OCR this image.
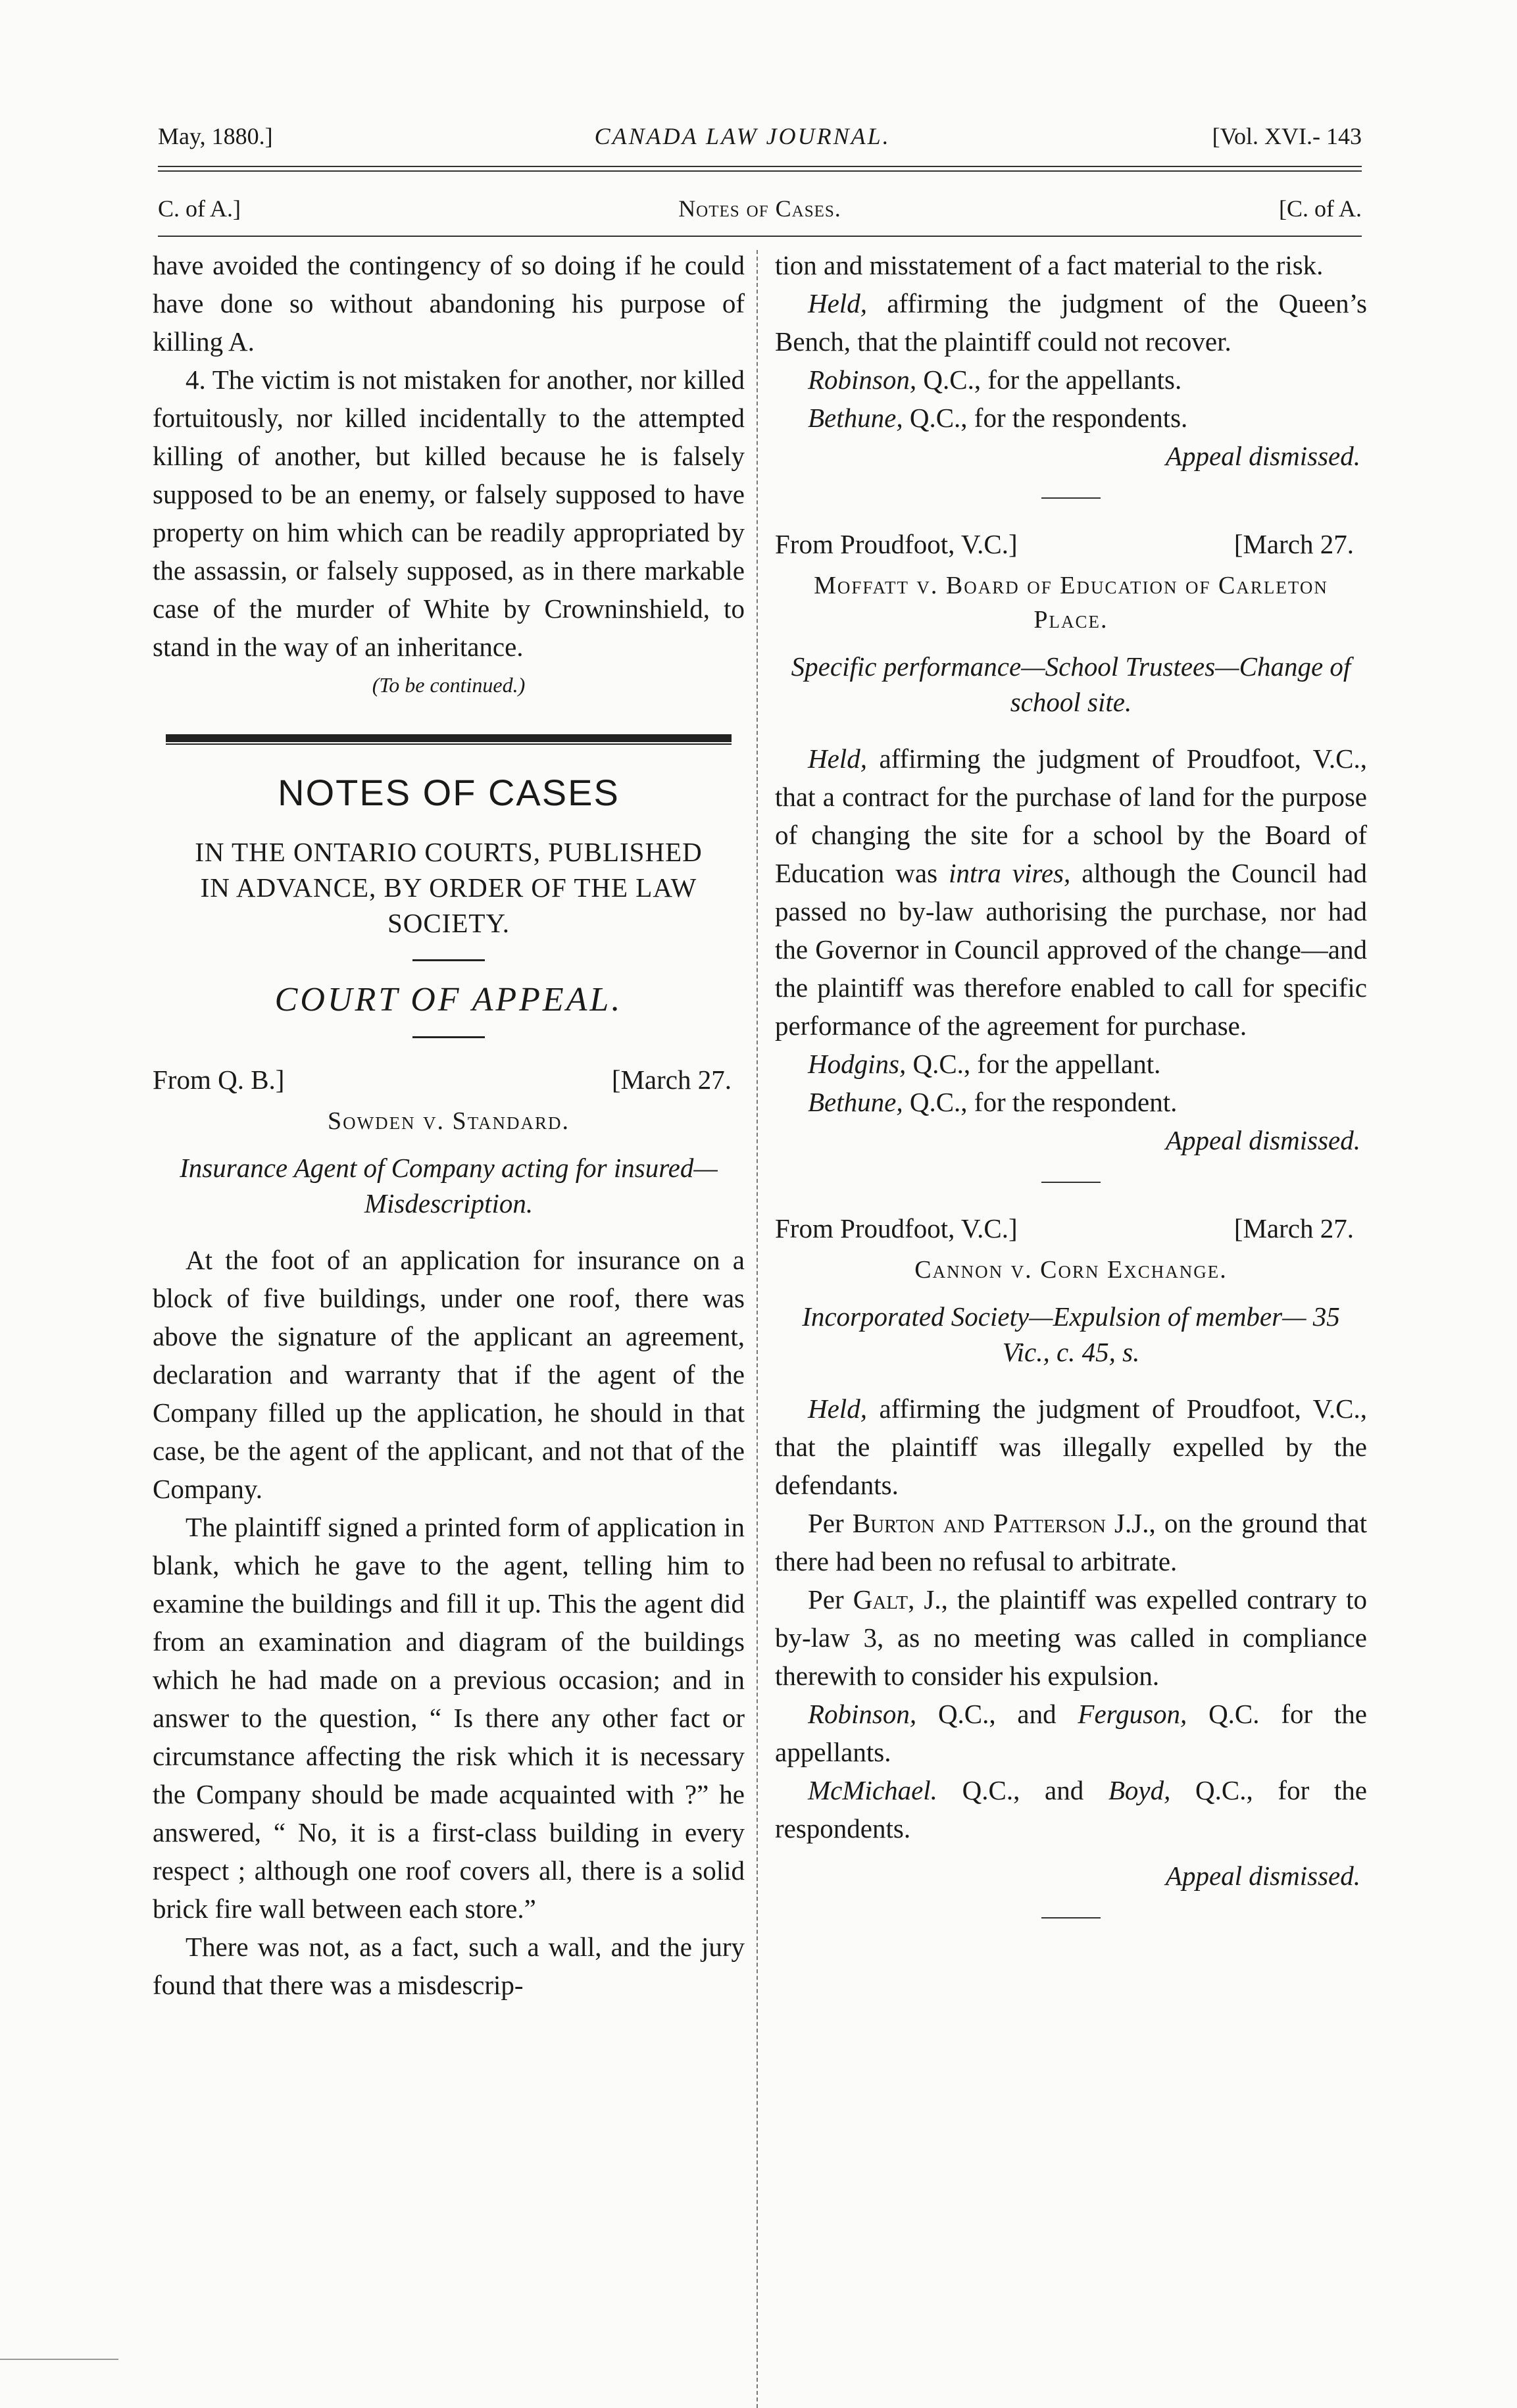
May, 1880.]	CANADA LAW JOURNAL.	[Vol. XVI.- 143
C. of A.]	Notes of Cases.	[C. of A.

have avoided the contingency of so doing if he could have done so without abandoning his purpose of killing A.

4. The victim is not mistaken for another, nor killed fortuitously, nor killed incidentally to the attempted killing of another, but killed because he is falsely supposed to be an enemy, or falsely supposed to have property on him which can be readily appropriated by the assassin, or falsely supposed, as in there markable case of the murder of White by Crowninshield, to stand in the way of an inheritance.

(To be continued.)

NOTES OF CASES
IN THE ONTARIO COURTS, PUBLISHED IN ADVANCE, BY ORDER OF THE LAW SOCIETY.
COURT OF APPEAL.
From Q. B.]	[March 27.
Sowden v. Standard.
Insurance Agent of Company acting for insured—Misdescription.

At the foot of an application for insurance on a block of five buildings, under one roof, there was above the signature of the applicant an agreement, declaration and warranty that if the agent of the Company filled up the application, he should in that case, be the agent of the applicant, and not that of the Company.

The plaintiff signed a printed form of application in blank, which he gave to the agent, telling him to examine the buildings and fill it up. This the agent did from an examination and diagram of the buildings which he had made on a previous occasion; and in answer to the question, “ Is there any other fact or circumstance affecting the risk which it is necessary the Company should be made acquainted with ?” he answered, “ No, it is a first-class building in every respect ; although one roof covers all, there is a solid brick fire wall between each store.”

There was not, as a fact, such a wall, and the jury found that there was a misdescrip-

tion and misstatement of a fact material to the risk.

Held, affirming the judgment of the Queen’s Bench, that the plaintiff could not recover.

Robinson, Q.C., for the appellants.

Bethune, Q.C., for the respondents.

Appeal dismissed.

From Proudfoot, V.C.]	[March 27.
Moffatt v. Board of Education of Carleton Place.
Specific performance—School Trustees—Change of school site.

Held, affirming the judgment of Proudfoot, V.C., that a contract for the purchase of land for the purpose of changing the site for a school by the Board of Education was intra vires, although the Council had passed no by-law authorising the purchase, nor had the Governor in Council approved of the change—and the plaintiff was therefore enabled to call for specific performance of the agreement for purchase.

Hodgins, Q.C., for the appellant.

Bethune, Q.C., for the respondent.

Appeal dismissed.

From Proudfoot, V.C.]	[March 27.
Cannon v. Corn Exchange.
Incorporated Society—Expulsion of member— 35 Vic., c. 45, s.

Held, affirming the judgment of Proudfoot, V.C., that the plaintiff was illegally expelled by the defendants.

Per Burton and Patterson J.J., on the ground that there had been no refusal to arbitrate.

Per Galt, J., the plaintiff was expelled contrary to by-law 3, as no meeting was called in compliance therewith to consider his expulsion.

Robinson, Q.C., and Ferguson, Q.C. for the appellants.

McMichael. Q.C., and Boyd, Q.C., for the respondents.

Appeal dismissed.
